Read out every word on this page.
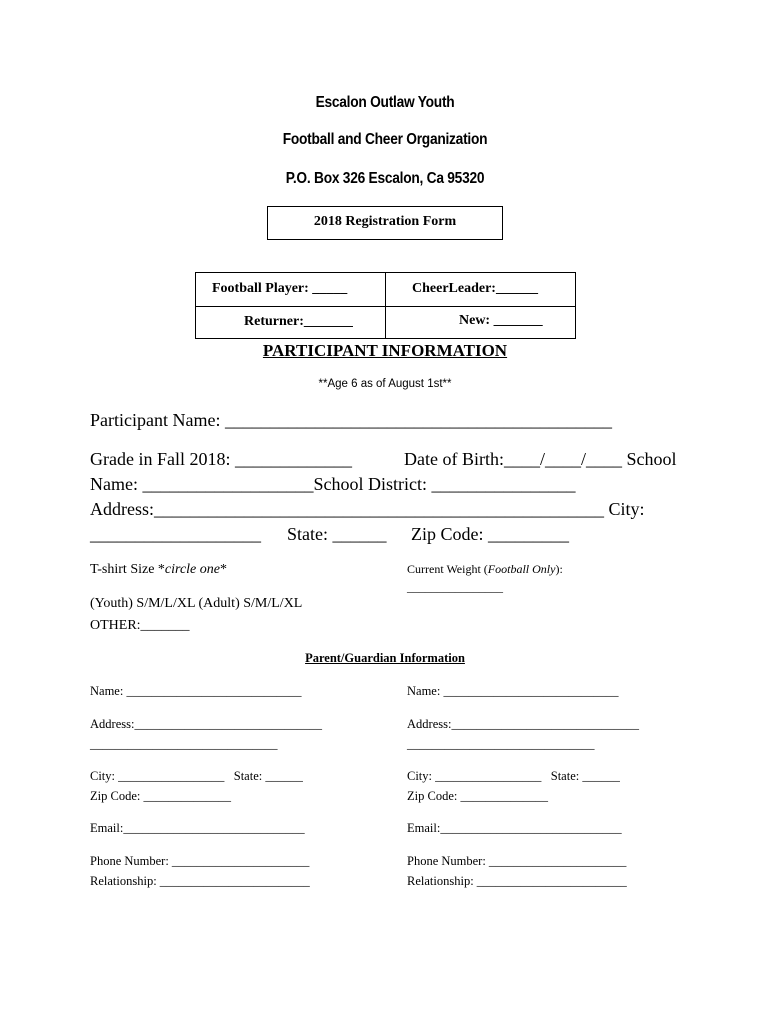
Escalon Outlaw Youth
Football and Cheer Organization
P.O. Box 326 Escalon, Ca 95320
2018 Registration Form
Football Player: _____	CheerLeader:______
Returner:_______	New: _______
PARTICIPANT INFORMATION
**Age 6 as of August 1st**
Participant Name: ___________________________________________
Grade in Fall 2018: _____________	Date of Birth:____/____/____ School
Name: ___________________School District: ________________
Address:__________________________________________________ City:
___________________ State: ______ Zip Code: _________
T-shirt Size *circle one*	Current Weight (Football Only):
________________
(Youth) S/M/L/XL (Adult) S/M/L/XL
OTHER:_______
Parent/Guardian Information
Name: ____________________________
Address:______________________________
______________________________
City: _________________   State: ______
Zip Code: ______________
Email:_____________________________
Phone Number: ______________________
Relationship: ________________________
Name: ____________________________
Address:______________________________
______________________________
City: _________________   State: ______
Zip Code: ______________
Email:_____________________________
Phone Number: ______________________
Relationship: ________________________
